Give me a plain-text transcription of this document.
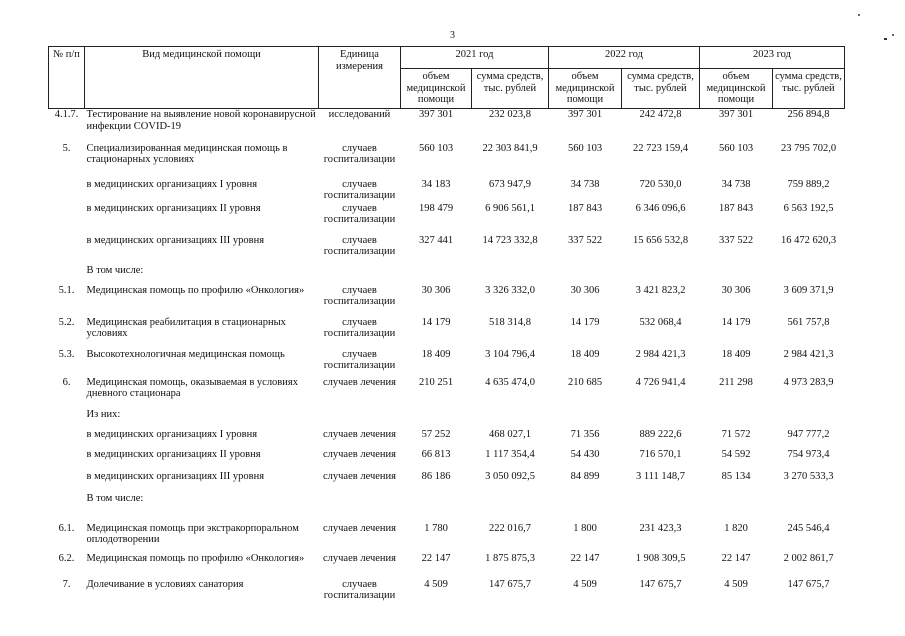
3
№ п/п	Вид медицинской помощи	Единица измерения	2021 год		2022 год		2023 год	
			объем медицинской помощи	сумма средств, тыс. рублей	объем медицинской помощи	сумма средств, тыс. рублей	объем медицинской помощи	сумма средств, тыс. рублей
4.1.7.	Тестирование на выявление новой коронавирусной инфекции COVID-19	исследований	397 301	232 023,8	397 301	242 472,8	397 301	256 894,8
5.	Специализированная медицинская помощь в стационарных условиях	случаев госпитализации	560 103	22 303 841,9	560 103	22 723 159,4	560 103	23 795 702,0
	в медицинских организациях I уровня	случаев госпитализации	34 183	673 947,9	34 738	720 530,0	34 738	759 889,2
	в медицинских организациях II уровня	случаев госпитализации	198 479	6 906 561,1	187 843	6 346 096,6	187 843	6 563 192,5
	в медицинских организациях III уровня	случаев госпитализации	327 441	14 723 332,8	337 522	15 656 532,8	337 522	16 472 620,3
	В том числе:							
5.1.	Медицинская помощь по профилю «Онкология»	случаев госпитализации	30 306	3 326 332,0	30 306	3 421 823,2	30 306	3 609 371,9
5.2.	Медицинская реабилитация в стационарных условиях	случаев госпитализации	14 179	518 314,8	14 179	532 068,4	14 179	561 757,8
5.3.	Высокотехнологичная медицинская помощь	случаев госпитализации	18 409	3 104 796,4	18 409	2 984 421,3	18 409	2 984 421,3
6.	Медицинская помощь, оказываемая в условиях дневного стационара	случаев лечения	210 251	4 635 474,0	210 685	4 726 941,4	211 298	4 973 283,9
	Из них:							
	в медицинских организациях I уровня	случаев лечения	57 252	468 027,1	71 356	889 222,6	71 572	947 777,2
	в медицинских организациях II уровня	случаев лечения	66 813	1 117 354,4	54 430	716 570,1	54 592	754 973,4
	в медицинских организациях III уровня	случаев лечения	86 186	3 050 092,5	84 899	3 111 148,7	85 134	3 270 533,3
	В том числе:							
6.1.	Медицинская помощь при экстракорпоральном оплодотворении	случаев лечения	1 780	222 016,7	1 800	231 423,3	1 820	245 546,4
6.2.	Медицинская помощь по профилю «Онкология»	случаев лечения	22 147	1 875 875,3	22 147	1 908 309,5	22 147	2 002 861,7
7.	Долечивание в условиях санатория	случаев госпитализации	4 509	147 675,7	4 509	147 675,7	4 509	147 675,7
